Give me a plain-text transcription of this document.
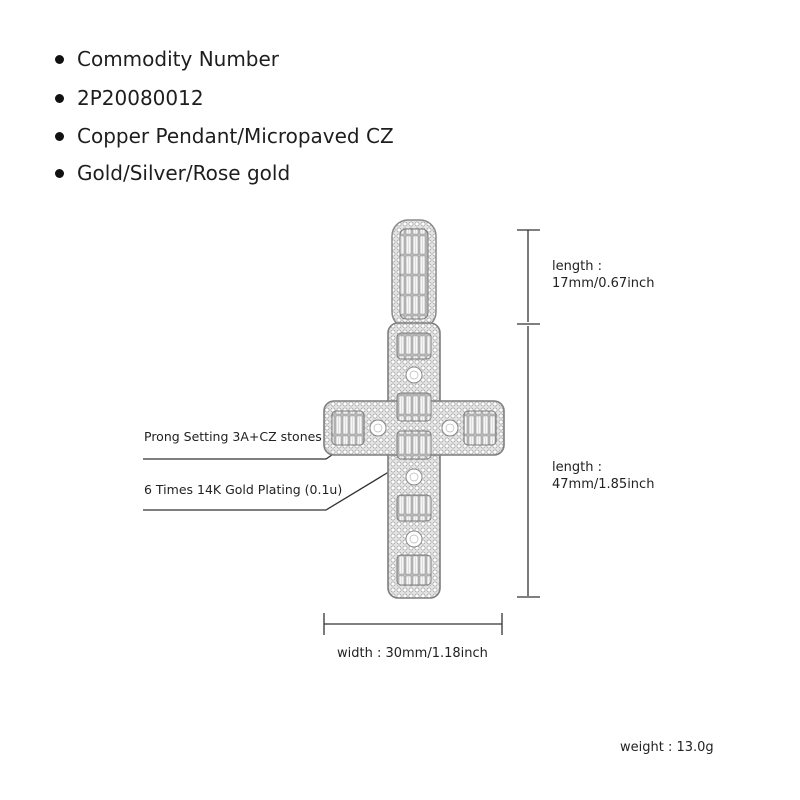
Commodity Number
2P20080012
Copper Pendant/Micropaved CZ
Gold/Silver/Rose gold
length :
17mm/0.67inch
length :
47mm/1.85inch
width : 30mm/1.18inch
Prong Setting 3A+CZ stones
6 Times 14K Gold Plating (0.1u)
weight : 13.0g
